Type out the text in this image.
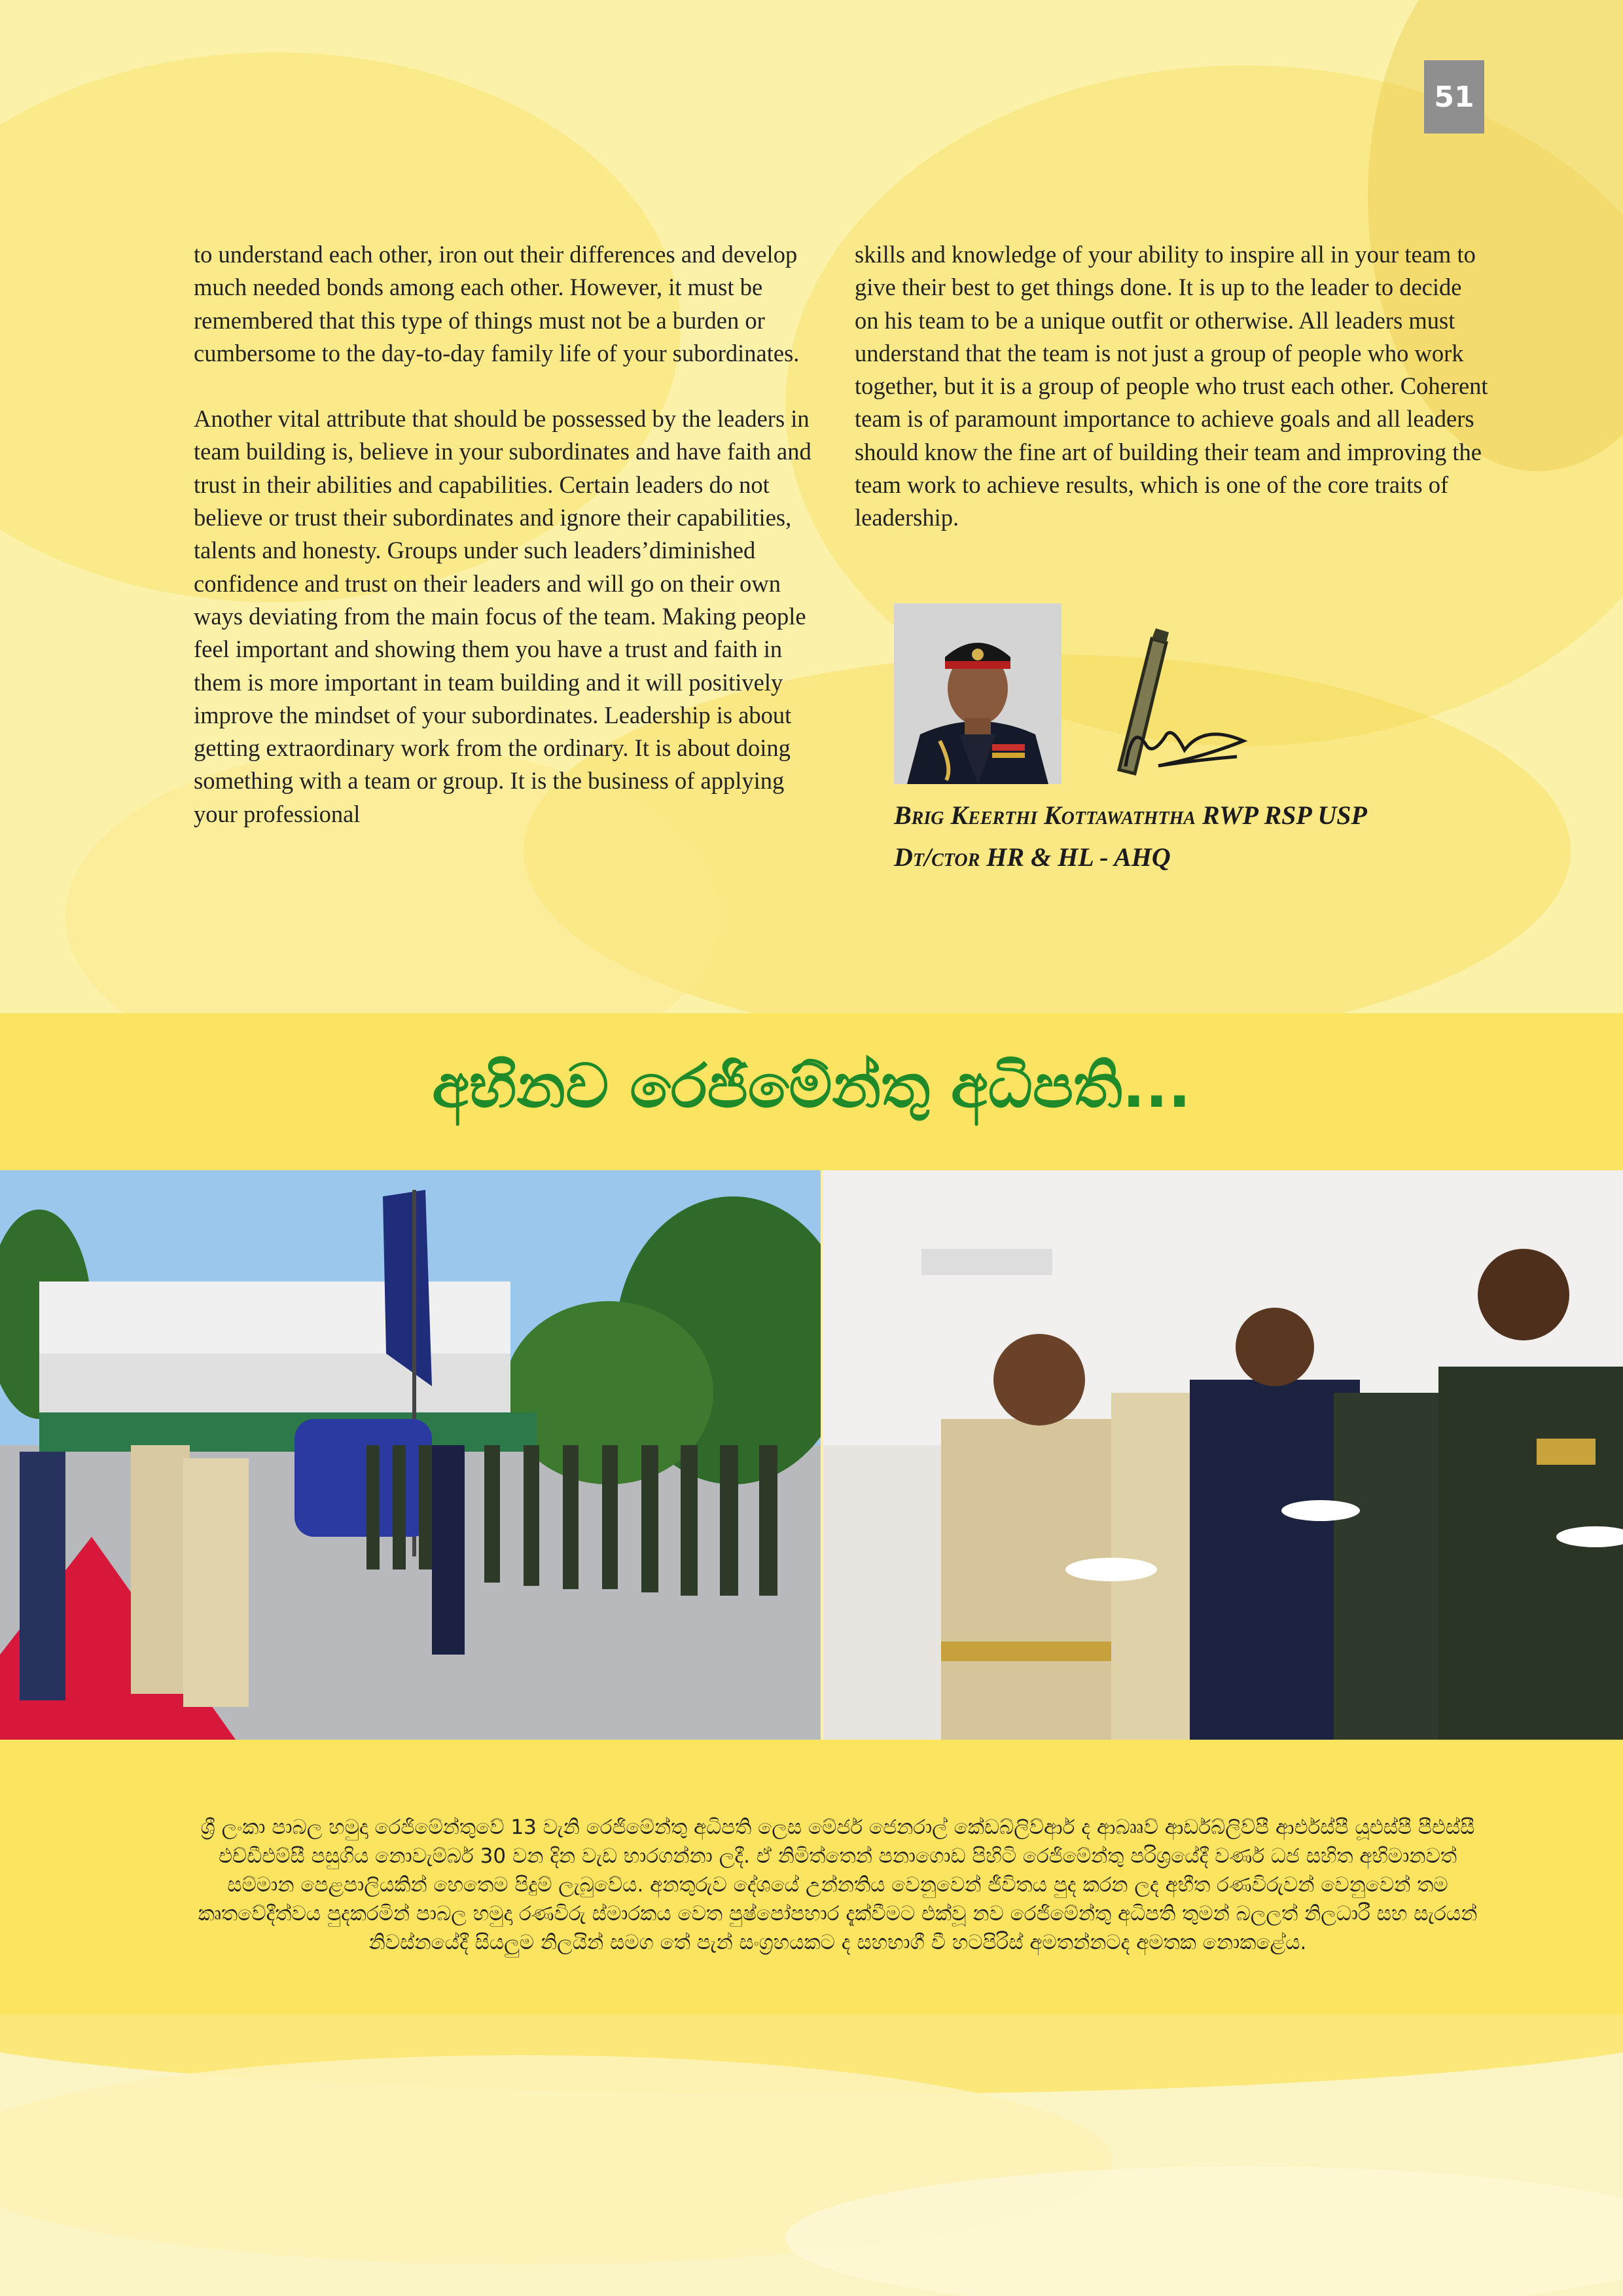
51

to understand each other, iron out their differences and develop much needed bonds among each other. However, it must be remembered that this type of things must not be a burden or cumbersome to the day-to-day family life of your subordinates.

Another vital attribute that should be possessed by the leaders in team building is, believe in your subordinates and have faith and trust in their abilities and capabilities. Certain leaders do not believe or trust their subordinates and ignore their capabilities, talents and honesty. Groups under such leaders’diminished confidence and trust on their leaders and will go on their own ways deviating from the main focus of the team. Making people feel important and showing them you have a trust and faith in them is more important in team building and it will positively improve the mindset of your subordinates. Leadership is about getting extraordinary work from the ordinary. It is about doing something with a team or group. It is the business of applying your professional

skills and knowledge of your ability to inspire all in your team to give their best to get things done. It is up to the leader to decide on his team to be a unique outfit or otherwise. All leaders must understand that the team is not just a group of people who work together, but it is a group of people who trust each other. Coherent team is of paramount importance to achieve goals and all leaders should know the fine art of building their team and improving the team work to achieve results, which is one of the core traits of leadership.

Brig Keerthi Kottawaththa RWP RSP USP
Dt/ctor HR & HL - AHQ
අභිනව රෙජිමේන්තු අධිපති...
ශ්‍රී ලංකා පාබල හමුදා රෙජිමේන්තුවේ 13 වැනි රෙජිමේන්තු අධිපති ලෙස මේජර් ජෙනරාල් කේඩබ්ලිව්ආර් ද ආබෲව් ආර්ඩබ්ලිව්පී ආර්එස්පී යූඑස්පී පීඑස්සී එච්ඩීඑම්සී පසුගිය නොවැම්බර් 30 වන දින වැඩ භාරගන්නා ලදී. ඒ නිමිත්තෙන් පනාගොඩ පිහිටි රෙජිමේන්තු පරිශ්‍රයේදී වර්ණ ධජ සහිත අභිමානවත් සම්මාන පෙළපාලියකින් හෙතෙම පිදුම් ලැබුවේය. අනතුරුව දේශයේ උන්නතිය වෙනුවෙන් ජීවිතය පුද කරන ලද අභීත රණවිරුවන් වෙනුවෙන් තම කෘතවේදීත්වය පුදකරමින් පාබල හමුදා රණවිරු ස්මාරකය වෙත පුෂ්පෝපහාර දැක්වීමට එක්වූ නව රෙජිමේන්තු අධිපති තුමන් බලලත් නිලධාරී සහ සැරයන් නිවස්නයේදී සියලුම නිලයින් සමග තේ පැන් සංග්‍රහයකට ද සහභාගී වී හටපිරිස් අමතන්නටද අමතක නොකළේය.
